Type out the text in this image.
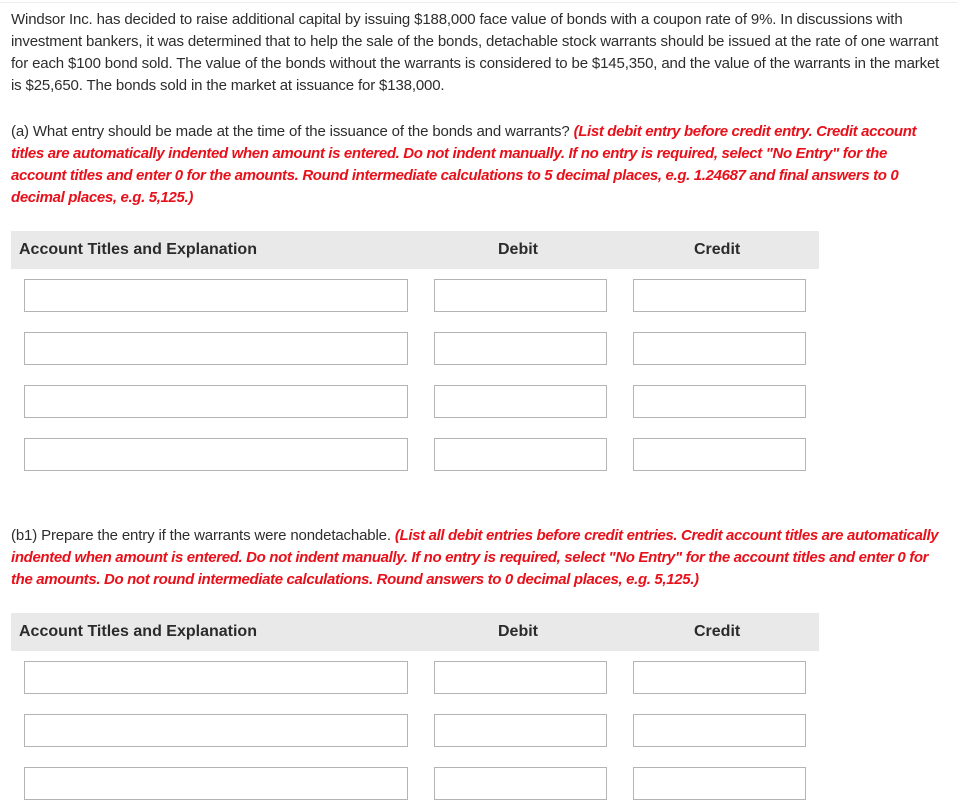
Windsor Inc. has decided to raise additional capital by issuing $188,000 face value of bonds with a coupon rate of 9%. In discussions with investment bankers, it was determined that to help the sale of the bonds, detachable stock warrants should be issued at the rate of one warrant for each $100 bond sold. The value of the bonds without the warrants is considered to be $145,350, and the value of the warrants in the market is $25,650. The bonds sold in the market at issuance for $138,000.
(a) What entry should be made at the time of the issuance of the bonds and warrants? (List debit entry before credit entry. Credit account titles are automatically indented when amount is entered. Do not indent manually. If no entry is required, select "No Entry" for the account titles and enter 0 for the amounts. Round intermediate calculations to 5 decimal places, e.g. 1.24687 and final answers to 0 decimal places, e.g. 5,125.)
Account Titles and Explanation	Debit	Credit
(b1) Prepare the entry if the warrants were nondetachable. (List all debit entries before credit entries. Credit account titles are automatically indented when amount is entered. Do not indent manually. If no entry is required, select "No Entry" for the account titles and enter 0 for the amounts. Do not round intermediate calculations. Round answers to 0 decimal places, e.g. 5,125.)
Account Titles and Explanation	Debit	Credit
